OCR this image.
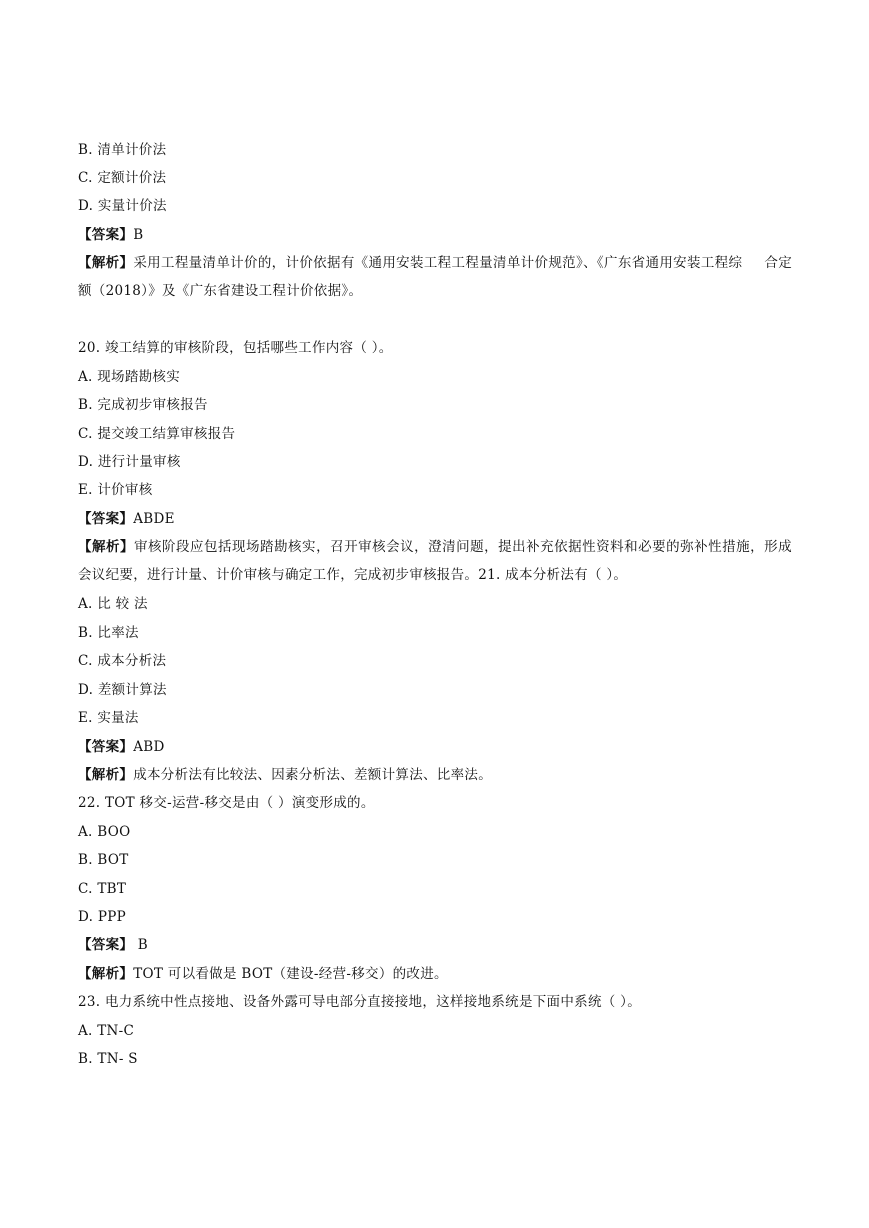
B. 清单计价法
C. 定额计价法
D. 实量计价法
【答案】B
【解析】采用工程量清单计价的，计价依据有《通用安装工程工程量清单计价规范》、《广东省通用安装工程综 合定额（2018）》及《广东省建设工程计价依据》。
20. 竣工结算的审核阶段，包括哪些工作内容（ ）。
A. 现场踏勘核实
B. 完成初步审核报告
C. 提交竣工结算审核报告
D. 进行计量审核
E. 计价审核
【答案】ABDE
【解析】审核阶段应包括现场踏勘核实，召开审核会议，澄清问题，提出补充依据性资料和必要的弥补性措施，形成会议纪要，进行计量、计价审核与确定工作，完成初步审核报告。21. 成本分析法有（ ）。
A. 比 较 法
B. 比率法
C. 成本分析法
D. 差额计算法
E. 实量法
【答案】ABD
【解析】成本分析法有比较法、因素分析法、差额计算法、比率法。
22. TOT 移交-运营-移交是由（ ）演变形成的。
A. BOO
B. BOT
C. TBT
D. PPP
【答案】 B
【解析】TOT 可以看做是 BOT（建设-经营-移交）的改进。
23. 电力系统中性点接地、设备外露可导电部分直接接地，这样接地系统是下面中系统（ ）。
A. TN-C
B. TN- S
